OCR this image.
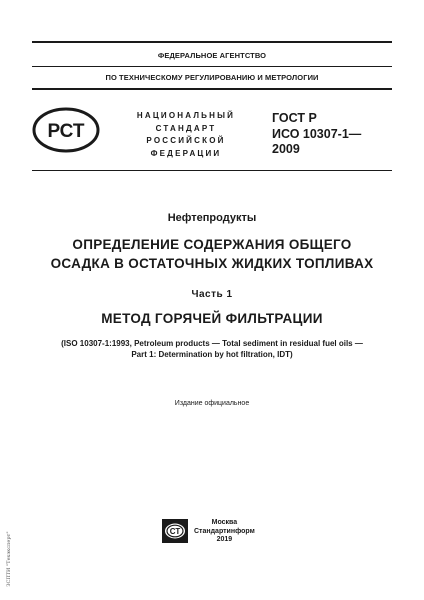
ФЕДЕРАЛЬНОЕ АГЕНТСТВО
ПО ТЕХНИЧЕСКОМУ РЕГУЛИРОВАНИЮ И МЕТРОЛОГИИ
РСТ
НАЦИОНАЛЬНЫЙ
СТАНДАРТ
РОССИЙСКОЙ
ФЕДЕРАЦИИ
ГОСТ Р
ИСО 10307-1—
2009
Нефтепродукты
ОПРЕДЕЛЕНИЕ СОДЕРЖАНИЯ ОБЩЕГО
ОСАДКА В ОСТАТОЧНЫХ ЖИДКИХ ТОПЛИВАХ
Часть 1
МЕТОД ГОРЯЧЕЙ ФИЛЬТРАЦИИ
(ISO 10307-1:1993, Petroleum products — Total sediment in residual fuel oils —
Part 1: Determination by hot filtration, IDT)
Издание официальное
СТ
Москва
Стандартинформ
2019
ЗСПТИ "Техэксперт"
